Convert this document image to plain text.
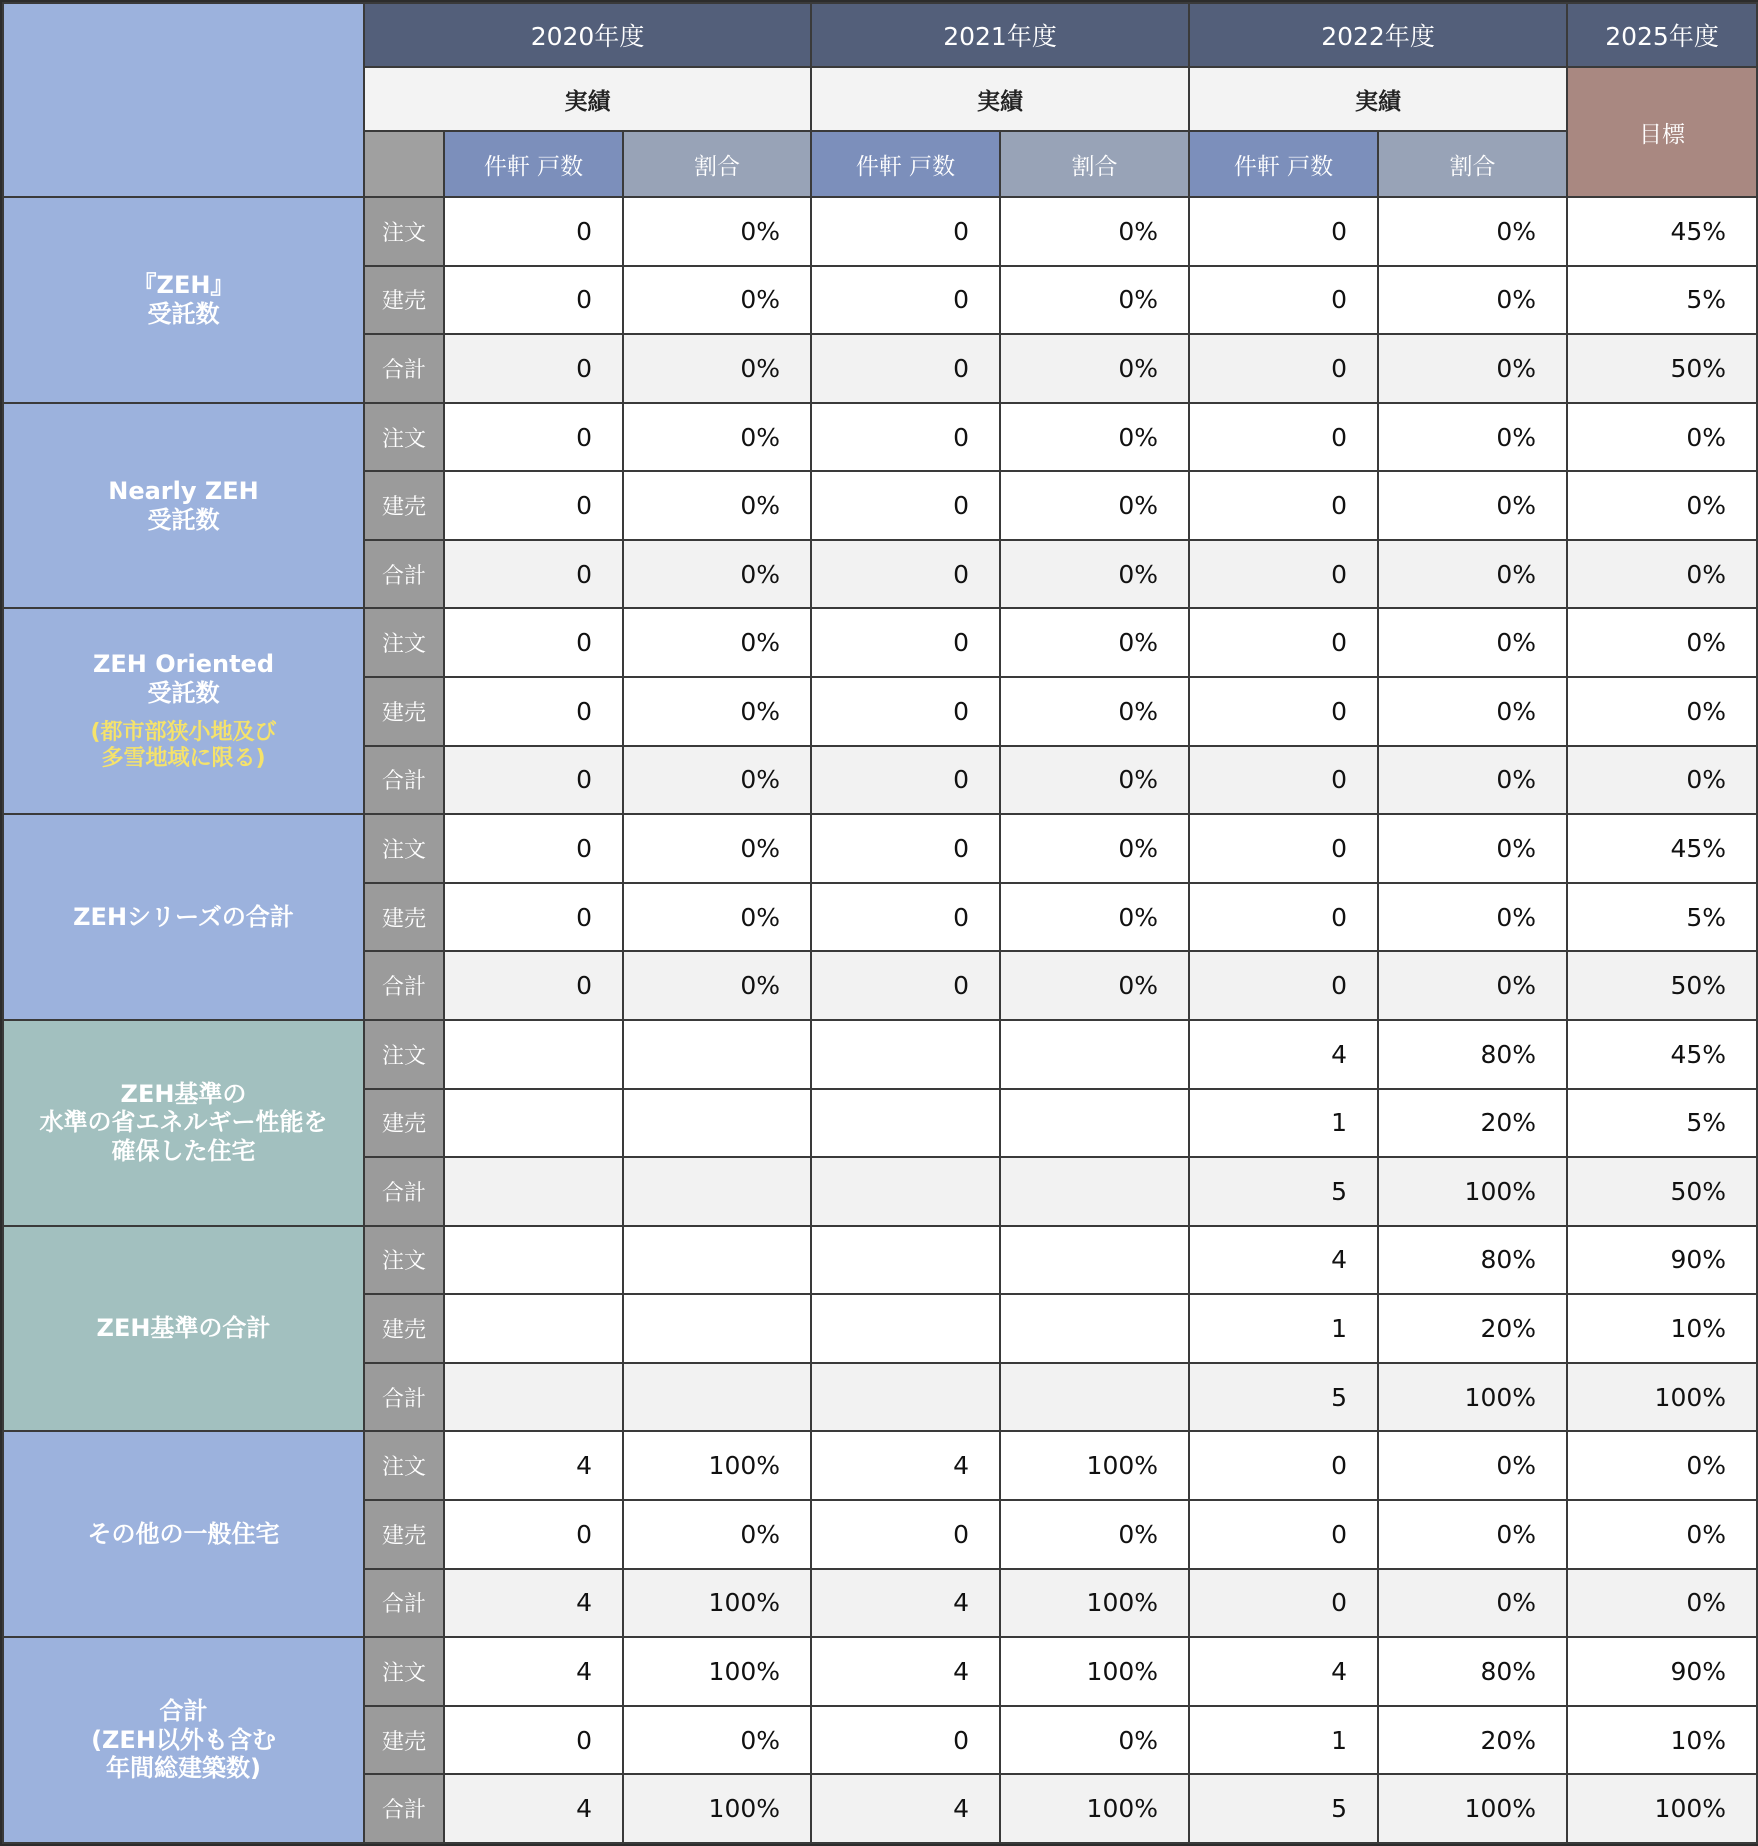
	2020年度			2021年度		2022年度		2025年度
	実績			実績		実績		目標
		件軒 戸数	割合	件軒 戸数	割合	件軒 戸数	割合	

『ZEH』
受託数	注文	0	0%	0	0%	0	0%	45%
	建売	0	0%	0	0%	0	0%	5%
	合計	0	0%	0	0%	0	0%	50%

Nearly ZEH
受託数	注文	0	0%	0	0%	0	0%	0%
	建売	0	0%	0	0%	0	0%	0%
	合計	0	0%	0	0%	0	0%	0%

ZEH Oriented
受託数
(都市部狭小地及び
多雪地域に限る)	注文	0	0%	0	0%	0	0%	0%
	建売	0	0%	0	0%	0	0%	0%
	合計	0	0%	0	0%	0	0%	0%

ZEHシリーズの合計	注文	0	0%	0	0%	0	0%	45%
	建売	0	0%	0	0%	0	0%	5%
	合計	0	0%	0	0%	0	0%	50%

ZEH基準の
水準の省エネルギー性能を
確保した住宅	注文					4	80%	45%
	建売					1	20%	5%
	合計					5	100%	50%

ZEH基準の合計	注文					4	80%	90%
	建売					1	20%	10%
	合計					5	100%	100%

その他の一般住宅	注文	4	100%	4	100%	0	0%	0%
	建売	0	0%	0	0%	0	0%	0%
	合計	4	100%	4	100%	0	0%	0%

合計
(ZEH以外も含む
年間総建築数)	注文	4	100%	4	100%	4	80%	90%
	建売	0	0%	0	0%	1	20%	10%
	合計	4	100%	4	100%	5	100%	100%
